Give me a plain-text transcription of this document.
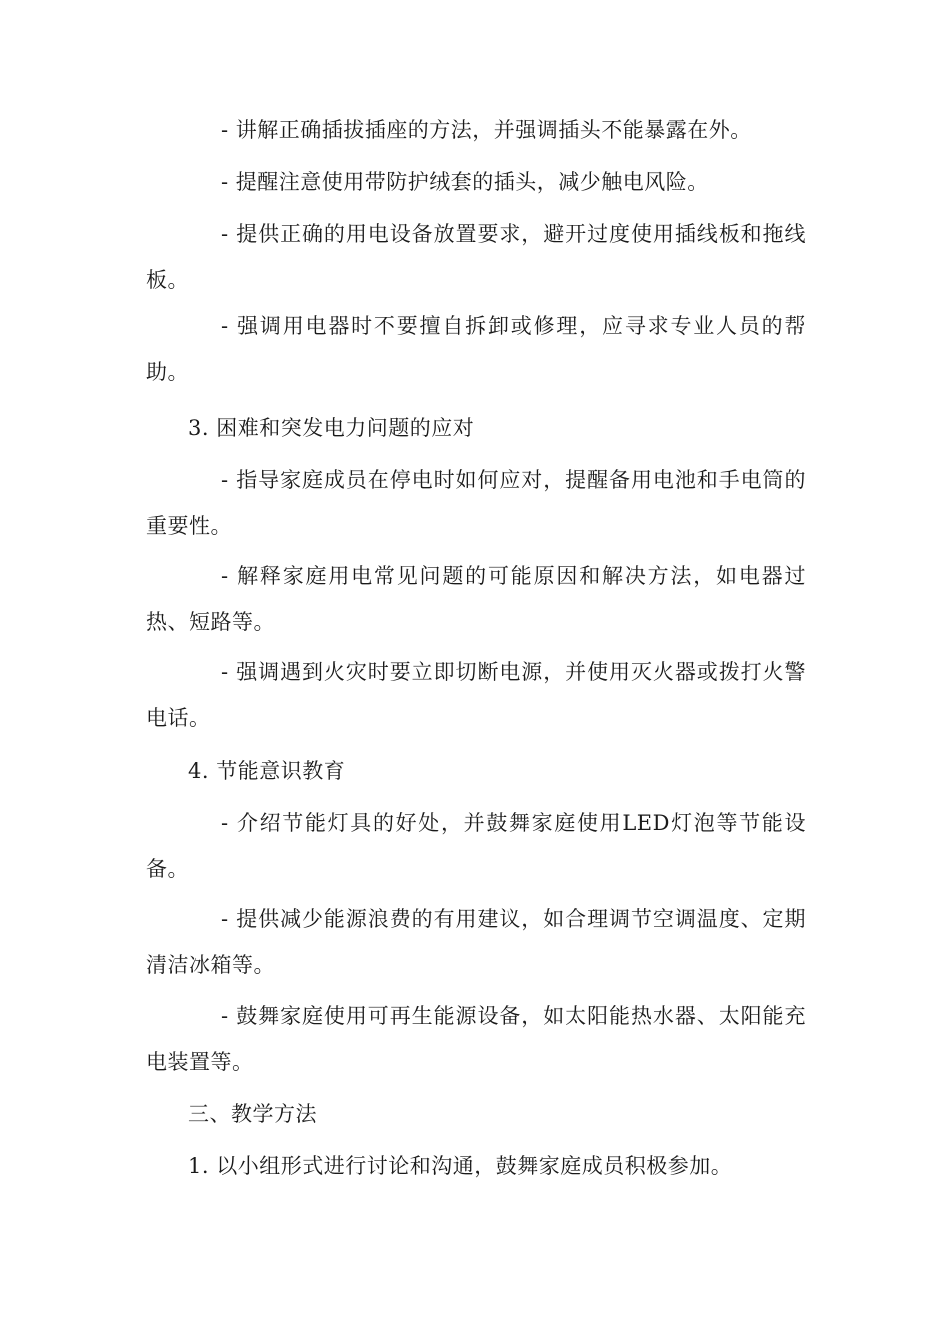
- 讲解正确插拔插座的方法，并强调插头不能暴露在外。

- 提醒注意使用带防护绒套的插头，减少触电风险。

- 提供正确的用电设备放置要求，避开过度使用插线板和拖线板。

- 强调用电器时不要擅自拆卸或修理，应寻求专业人员的帮助。

3. 困难和突发电力问题的应对

- 指导家庭成员在停电时如何应对，提醒备用电池和手电筒的重要性。

- 解释家庭用电常见问题的可能原因和解决方法，如电器过热、短路等。

- 强调遇到火灾时要立即切断电源，并使用灭火器或拨打火警电话。

4. 节能意识教育

- 介绍节能灯具的好处，并鼓舞家庭使用LED灯泡等节能设备。

- 提供减少能源浪费的有用建议，如合理调节空调温度、定期清洁冰箱等。

- 鼓舞家庭使用可再生能源设备，如太阳能热水器、太阳能充电装置等。

三、教学方法

1. 以小组形式进行讨论和沟通，鼓舞家庭成员积极参加。
